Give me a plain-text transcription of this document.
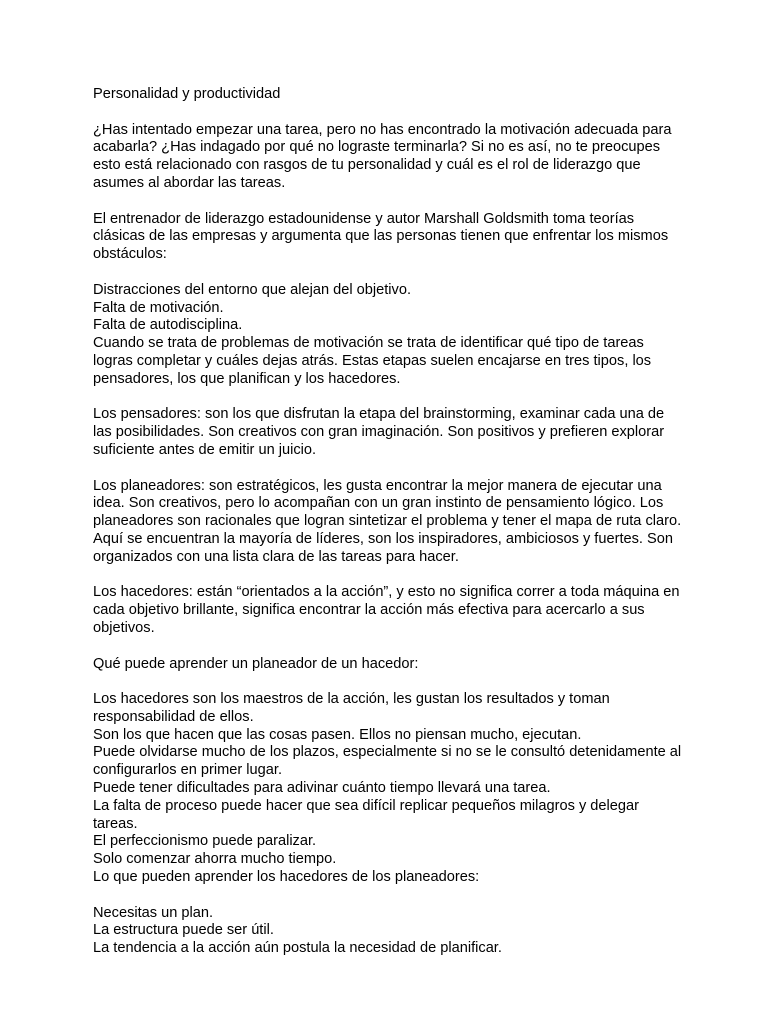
Personalidad y productividad

¿Has intentado empezar una tarea, pero no has encontrado la motivación adecuada para acabarla? ¿Has indagado por qué no lograste terminarla? Si no es así, no te preocupes esto está relacionado con rasgos de tu personalidad y cuál es el rol de liderazgo que asumes al abordar las tareas.

El entrenador de liderazgo estadounidense y autor Marshall Goldsmith toma teorías clásicas de las empresas y argumenta que las personas tienen que enfrentar los mismos obstáculos:

Distracciones del entorno que alejan del objetivo.

Falta de motivación.

Falta de autodisciplina.

Cuando se trata de problemas de motivación se trata de identificar qué tipo de tareas logras completar y cuáles dejas atrás. Estas etapas suelen encajarse en tres tipos, los pensadores, los que planifican y los hacedores.

Los pensadores: son los que disfrutan la etapa del brainstorming, examinar cada una de las posibilidades. Son creativos con gran imaginación. Son positivos y prefieren explorar suficiente antes de emitir un juicio.

Los planeadores: son estratégicos, les gusta encontrar la mejor manera de ejecutar una idea. Son creativos, pero lo acompañan con un gran instinto de pensamiento lógico. Los planeadores son racionales que logran sintetizar el problema y tener el mapa de ruta claro. Aquí se encuentran la mayoría de líderes, son los inspiradores, ambiciosos y fuertes. Son organizados con una lista clara de las tareas para hacer.

Los hacedores: están “orientados a la acción”, y esto no significa correr a toda máquina en cada objetivo brillante, significa encontrar la acción más efectiva para acercarlo a sus objetivos.

Qué puede aprender un planeador de un hacedor:

Los hacedores son los maestros de la acción, les gustan los resultados y toman responsabilidad de ellos.

Son los que hacen que las cosas pasen. Ellos no piensan mucho, ejecutan.

Puede olvidarse mucho de los plazos, especialmente si no se le consultó detenidamente al configurarlos en primer lugar.

Puede tener dificultades para adivinar cuánto tiempo llevará una tarea.

La falta de proceso puede hacer que sea difícil replicar pequeños milagros y delegar tareas.

El perfeccionismo puede paralizar.

Solo comenzar ahorra mucho tiempo.

Lo que pueden aprender los hacedores de los planeadores:

Necesitas un plan.

La estructura puede ser útil.

La tendencia a la acción aún postula la necesidad de planificar.
